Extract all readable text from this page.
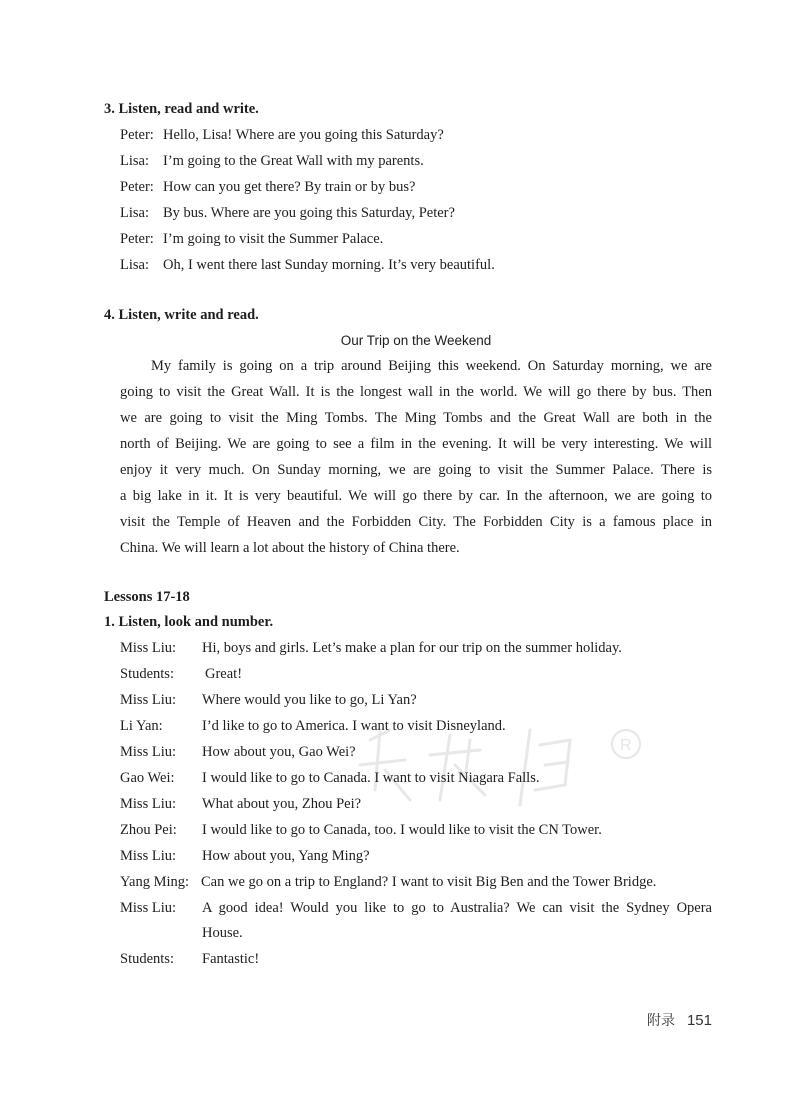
R
3. Listen, read and write.
Peter: Hello, Lisa! Where are you going this Saturday?
Lisa: I’m going to the Great Wall with my parents.
Peter: How can you get there? By train or by bus?
Lisa: By bus. Where are you going this Saturday, Peter?
Peter: I’m going to visit the Summer Palace.
Lisa: Oh, I went there last Sunday morning. It’s very beautiful.
4. Listen, write and read.
Our Trip on the Weekend
My family is going on a trip around Beijing this weekend. On Saturday morning, we are
going to visit the Great Wall. It is the longest wall in the world. We will go there by bus. Then
we are going to visit the Ming Tombs. The Ming Tombs and the Great Wall are both in the
north of Beijing. We are going to see a film in the evening. It will be very interesting. We will
enjoy it very much. On Sunday morning, we are going to visit the Summer Palace. There is
a big lake in it. It is very beautiful. We will go there by car. In the afternoon, we are going to
visit the Temple of Heaven and the Forbidden City. The Forbidden City is a famous place in
China. We will learn a lot about the history of China there.
Lessons 17-18
1. Listen, look and number.
Miss Liu: Hi, boys and girls. Let’s make a plan for our trip on the summer holiday.
Students: Great!
Miss Liu: Where would you like to go, Li Yan?
Li Yan:	I’d like to go to America. I want to visit Disneyland.
Miss Liu: How about you, Gao Wei?
Gao Wei: I would like to go to Canada. I want to visit Niagara Falls.
Miss Liu: What about you, Zhou Pei?
Zhou Pei: I would like to go to Canada, too. I would like to visit the CN Tower.
Miss Liu: How about you, Yang Ming?
Yang Ming: Can we go on a trip to England? I want to visit Big Ben and the Tower Bridge.
Miss Liu: A good idea! Would you like to go to Australia? We can visit the Sydney Opera
House.
Students: Fantastic!
附录 151
